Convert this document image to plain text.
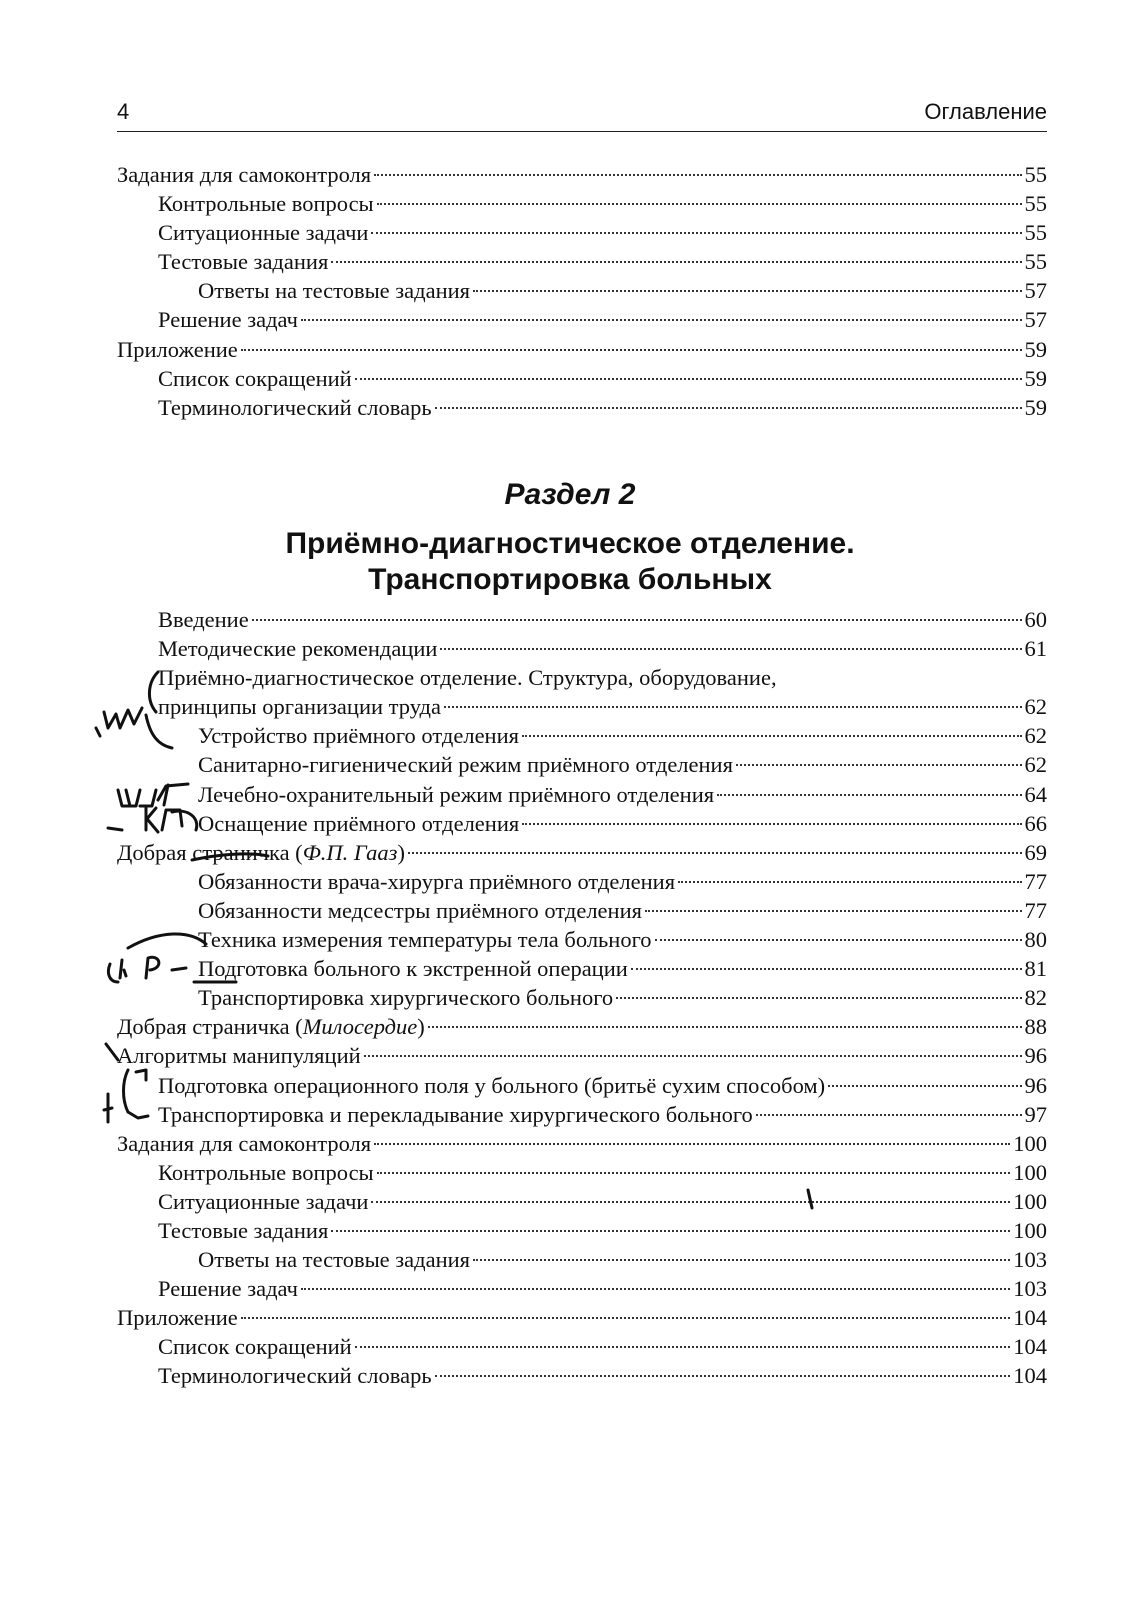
4	Оглавление
Задания для самоконтроля	55
Контрольные вопросы	55
Ситуационные задачи	55
Тестовые задания	55
Ответы на тестовые задания	57
Решение задач	57
Приложение	59
Список сокращений	59
Терминологический словарь	59
Раздел 2
Приёмно-диагностическое отделение.
Транспортировка больных
Введение	60
Методические рекомендации	61
Приёмно-диагностическое отделение. Структура, оборудование,
принципы организации труда	62
Устройство приёмного отделения	62
Санитарно-гигиенический режим приёмного отделения	62
Лечебно-охранительный режим приёмного отделения	64
Оснащение приёмного отделения	66
Добрая страничка (Ф.П. Гааз)	69
Обязанности врача-хирурга приёмного отделения	77
Обязанности медсестры приёмного отделения	77
Техника измерения температуры тела больного	80
Подготовка больного к экстренной операции	81
Транспортировка хирургического больного	82
Добрая страничка (Милосердие)	88
Алгоритмы манипуляций	96
Подготовка операционного поля у больного (бритьё сухим способом)	96
Транспортировка и перекладывание хирургического больного	97
Задания для самоконтроля	100
Контрольные вопросы	100
Ситуационные задачи	100
Тестовые задания	100
Ответы на тестовые задания	103
Решение задач	103
Приложение	104
Список сокращений	104
Терминологический словарь	104
